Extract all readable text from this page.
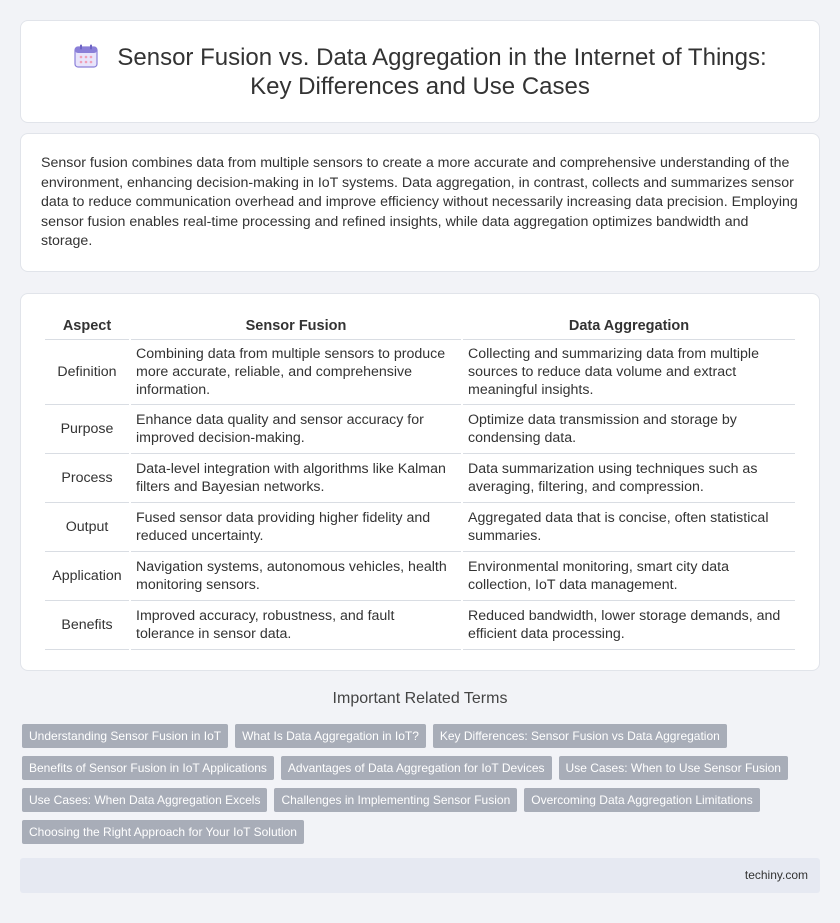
Sensor Fusion vs. Data Aggregation in the Internet of Things: Key Differences and Use Cases

Sensor fusion combines data from multiple sensors to create a more accurate and comprehensive understanding of the environment, enhancing decision-making in IoT systems. Data aggregation, in contrast, collects and summarizes sensor data to reduce communication overhead and improve efficiency without necessarily increasing data precision. Employing sensor fusion enables real-time processing and refined insights, while data aggregation optimizes bandwidth and storage.

Aspect	Sensor Fusion	Data Aggregation
Definition	Combining data from multiple sensors to produce more accurate, reliable, and comprehensive information.	Collecting and summarizing data from multiple sources to reduce data volume and extract meaningful insights.
Purpose	Enhance data quality and sensor accuracy for improved decision-making.	Optimize data transmission and storage by condensing data.
Process	Data-level integration with algorithms like Kalman filters and Bayesian networks.	Data summarization using techniques such as averaging, filtering, and compression.
Output	Fused sensor data providing higher fidelity and reduced uncertainty.	Aggregated data that is concise, often statistical summaries.
Application	Navigation systems, autonomous vehicles, health monitoring sensors.	Environmental monitoring, smart city data collection, IoT data management.
Benefits	Improved accuracy, robustness, and fault tolerance in sensor data.	Reduced bandwidth, lower storage demands, and efficient data processing.
Important Related Terms
Understanding Sensor Fusion in IoT	What Is Data Aggregation in IoT?	Key Differences: Sensor Fusion vs Data Aggregation
Benefits of Sensor Fusion in IoT Applications	Advantages of Data Aggregation for IoT Devices	Use Cases: When to Use Sensor Fusion
Use Cases: When Data Aggregation Excels	Challenges in Implementing Sensor Fusion	Overcoming Data Aggregation Limitations
Choosing the Right Approach for Your IoT Solution
techiny.com
